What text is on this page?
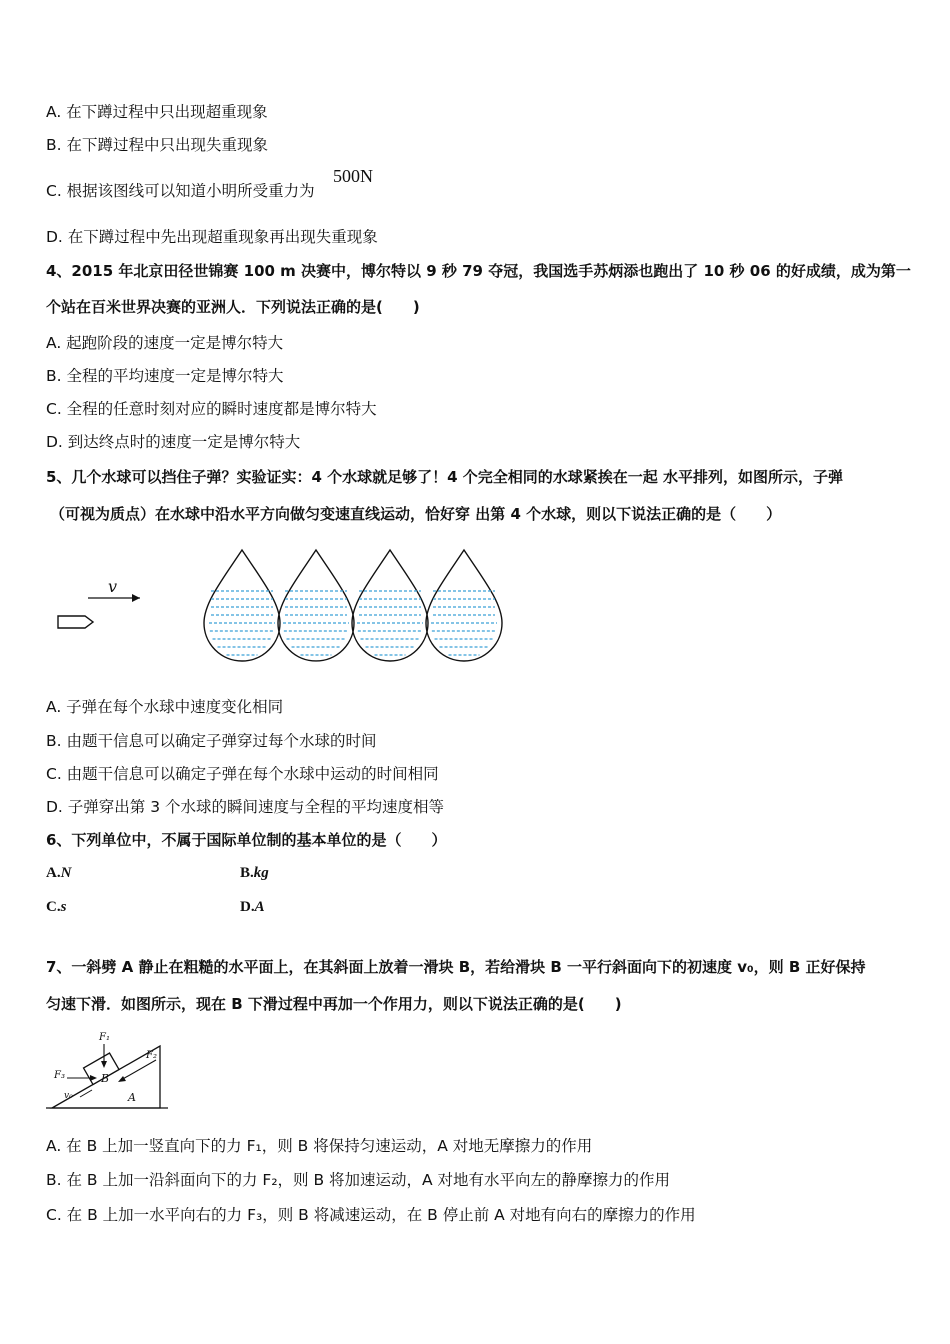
A. 在下蹲过程中只出现超重现象
B. 在下蹲过程中只出现失重现象
C. 根据该图线可以知道小明所受重力为
500N
D. 在下蹲过程中先出现超重现象再出现失重现象
4、2015 年北京田径世锦赛 100 m 决赛中，博尔特以 9 秒 79 夺冠，我国选手苏炳添也跑出了 10 秒 06 的好成绩，成为第一
个站在百米世界决赛的亚洲人．下列说法正确的是(　　)
A. 起跑阶段的速度一定是博尔特大
B. 全程的平均速度一定是博尔特大
C. 全程的任意时刻对应的瞬时速度都是博尔特大
D. 到达终点时的速度一定是博尔特大
5、几个水球可以挡住子弹？实验证实：4 个水球就足够了！4 个完全相同的水球紧挨在一起 水平排列，如图所示，子弹
（可视为质点）在水球中沿水平方向做匀变速直线运动，恰好穿 出第 4 个水球，则以下说法正确的是（　　）
v
A. 子弹在每个水球中速度变化相同
B. 由题干信息可以确定子弹穿过每个水球的时间
C. 由题干信息可以确定子弹在每个水球中运动的时间相同
D. 子弹穿出第 3 个水球的瞬间速度与全程的平均速度相等
6、下列单位中，不属于国际单位制的基本单位的是（　　）
A.N	B.kg
C.s	D.A
7、一斜劈 A 静止在粗糙的水平面上，在其斜面上放着一滑块 B，若给滑块 B 一平行斜面向下的初速度 v₀，则 B 正好保持
匀速下滑．如图所示，现在 B 下滑过程中再加一个作用力，则以下说法正确的是(　　)
F₁
F₂
F₃	B
A
v₀
A. 在 B 上加一竖直向下的力 F₁，则 B 将保持匀速运动，A 对地无摩擦力的作用
B. 在 B 上加一沿斜面向下的力 F₂，则 B 将加速运动，A 对地有水平向左的静摩擦力的作用
C. 在 B 上加一水平向右的力 F₃，则 B 将减速运动，在 B 停止前 A 对地有向右的摩擦力的作用
